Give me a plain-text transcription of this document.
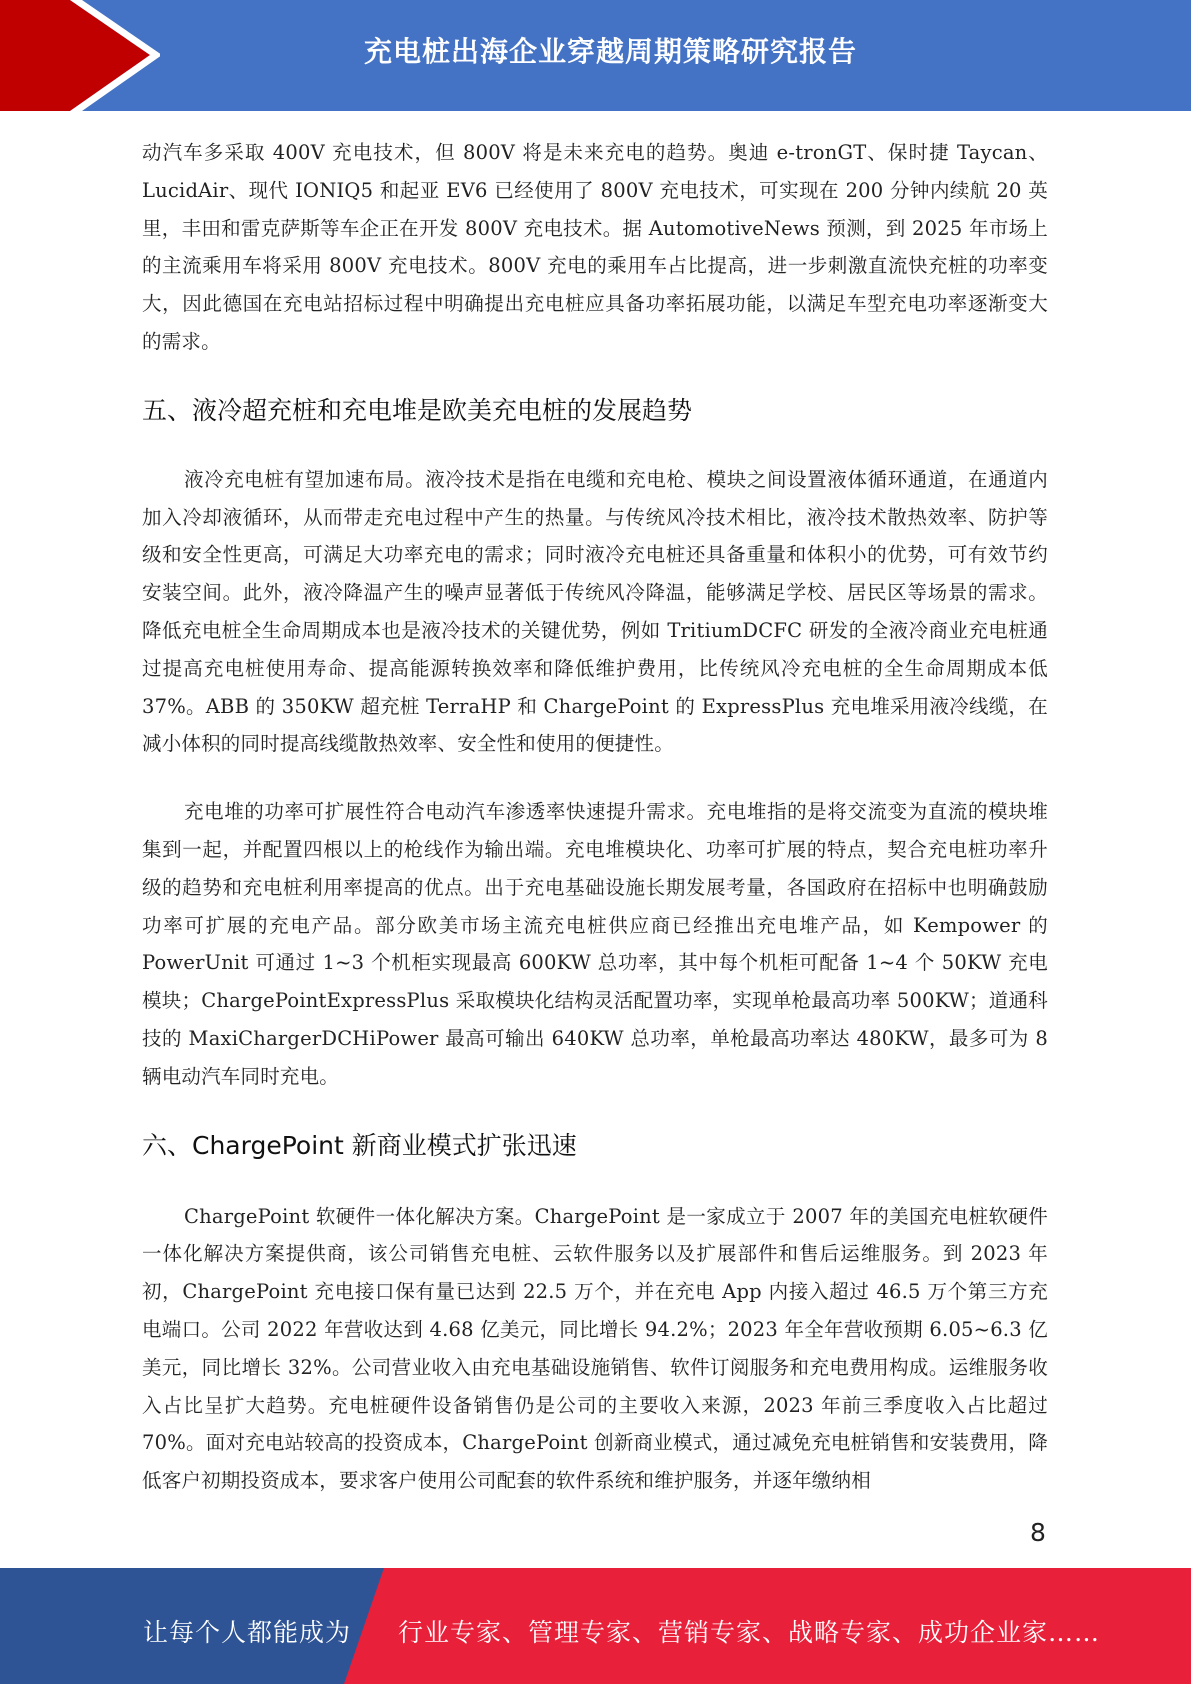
充电桩出海企业穿越周期策略研究报告

动汽车多采取 400V 充电技术，但 800V 将是未来充电的趋势。奥迪 e-tronGT、保时捷 Taycan、LucidAir、现代 IONIQ5 和起亚 EV6 已经使用了 800V 充电技术，可实现在 200 分钟内续航 20 英里，丰田和雷克萨斯等车企正在开发 800V 充电技术。据 AutomotiveNews 预测，到 2025 年市场上的主流乘用车将采用 800V 充电技术。800V 充电的乘用车占比提高，进一步刺激直流快充桩的功率变大，因此德国在充电站招标过程中明确提出充电桩应具备功率拓展功能，以满足车型充电功率逐渐变大的需求。

五、液冷超充桩和充电堆是欧美充电桩的发展趋势

液冷充电桩有望加速布局。液冷技术是指在电缆和充电枪、模块之间设置液体循环通道，在通道内加入冷却液循环，从而带走充电过程中产生的热量。与传统风冷技术相比，液冷技术散热效率、防护等级和安全性更高，可满足大功率充电的需求；同时液冷充电桩还具备重量和体积小的优势，可有效节约安装空间。此外，液冷降温产生的噪声显著低于传统风冷降温，能够满足学校、居民区等场景的需求。降低充电桩全生命周期成本也是液冷技术的关键优势，例如 TritiumDCFC 研发的全液冷商业充电桩通过提高充电桩使用寿命、提高能源转换效率和降低维护费用，比传统风冷充电桩的全生命周期成本低 37%。ABB 的 350KW 超充桩 TerraHP 和 ChargePoint 的 ExpressPlus 充电堆采用液冷线缆，在减小体积的同时提高线缆散热效率、安全性和使用的便捷性。

充电堆的功率可扩展性符合电动汽车渗透率快速提升需求。充电堆指的是将交流变为直流的模块堆集到一起，并配置四根以上的枪线作为输出端。充电堆模块化、功率可扩展的特点，契合充电桩功率升级的趋势和充电桩利用率提高的优点。出于充电基础设施长期发展考量，各国政府在招标中也明确鼓励功率可扩展的充电产品。部分欧美市场主流充电桩供应商已经推出充电堆产品，如 Kempower 的 PowerUnit 可通过 1~3 个机柜实现最高 600KW 总功率，其中每个机柜可配备 1~4 个 50KW 充电模块；ChargePointExpressPlus 采取模块化结构灵活配置功率，实现单枪最高功率 500KW；道通科技的 MaxiChargerDCHiPower 最高可输出 640KW 总功率，单枪最高功率达 480KW，最多可为 8 辆电动汽车同时充电。

六、ChargePoint 新商业模式扩张迅速

ChargePoint 软硬件一体化解决方案。ChargePoint 是一家成立于 2007 年的美国充电桩软硬件一体化解决方案提供商，该公司销售充电桩、云软件服务以及扩展部件和售后运维服务。到 2023 年初，ChargePoint 充电接口保有量已达到 22.5 万个，并在充电 App 内接入超过 46.5 万个第三方充电端口。公司 2022 年营收达到 4.68 亿美元，同比增长 94.2%；2023 年全年营收预期 6.05~6.3 亿美元，同比增长 32%。公司营业收入由充电基础设施销售、软件订阅服务和充电费用构成。运维服务收入占比呈扩大趋势。充电桩硬件设备销售仍是公司的主要收入来源，2023 年前三季度收入占比超过 70%。面对充电站较高的投资成本，ChargePoint 创新商业模式，通过减免充电桩销售和安装费用，降低客户初期投资成本，要求客户使用公司配套的软件系统和维护服务，并逐年缴纳相

8
让每个人都能成为 行业专家、管理专家、营销专家、战略专家、成功企业家……
